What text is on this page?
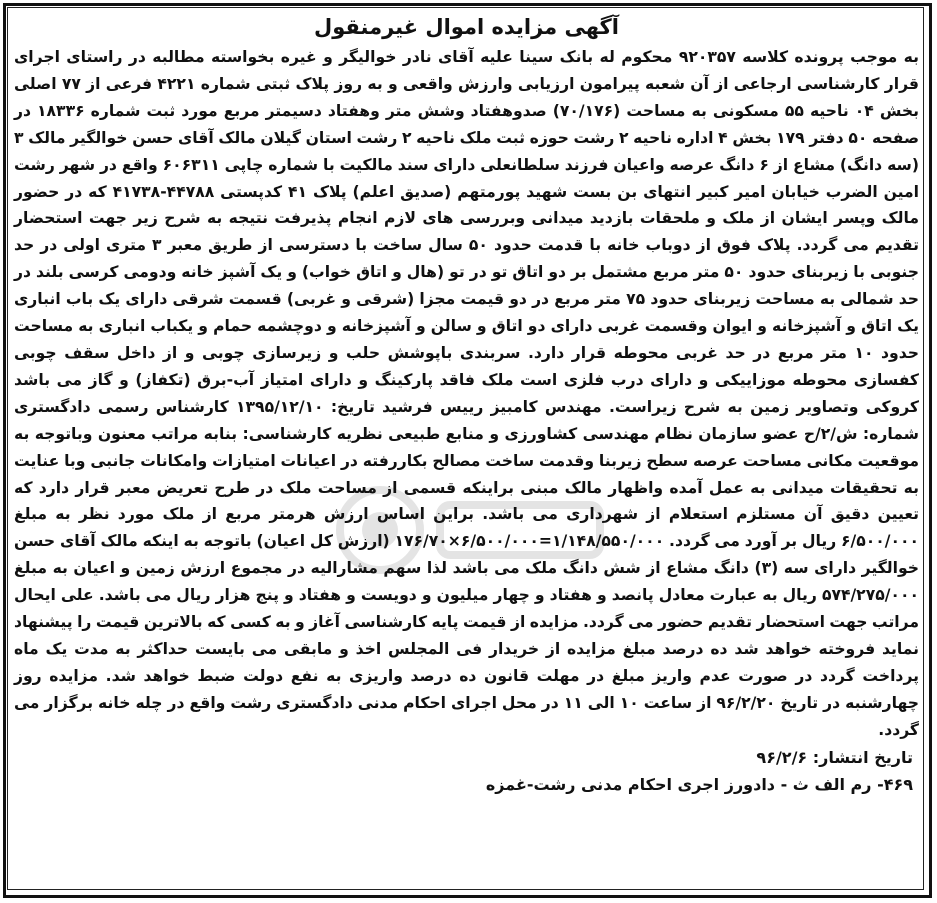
آگهی مزایده اموال غیرمنقول

به موجب پرونده کلاسه ۹۲۰۳۵۷ محکوم له بانک سینا علیه آقای نادر خوالیگر و غیره بخواسته مطالبه در راستای اجرای قرار کارشناسی ارجاعی از آن شعبه پیرامون ارزیابی وارزش واقعی و به روز پلاک ثبتی شماره ۴۲۲۱ فرعی از ۷۷ اصلی بخش ۰۴ ناحیه ۵۵ مسکونی به مساحت (۷۰/۱۷۶) صدوهفتاد وشش متر وهفتاد دسیمتر مربع مورد ثبت شماره ۱۸۳۳۶ در صفحه ۵۰ دفتر ۱۷۹ بخش ۴ اداره ناحیه ۲ رشت حوزه ثبت ملک ناحیه ۲ رشت استان گیلان مالک آقای حسن خوالگیر مالک ۳ (سه دانگ) مشاع از ۶ دانگ عرصه واعیان فرزند سلطانعلی دارای سند مالکیت با شماره چاپی ۶۰۶۳۱۱ واقع در شهر رشت امین الضرب خیابان امیر کبیر انتهای بن بست شهید پورمتهم (صدیق اعلم) پلاک ۴۱ کدپستی ۴۴۷۸۸-۴۱۷۳۸ که در حضور مالک وپسر ایشان از ملک و ملحقات بازدید میدانی وبررسی های لازم انجام پذیرفت نتیجه به شرح زیر جهت استحضار تقدیم می گردد. پلاک فوق از دوباب خانه با قدمت حدود ۵۰ سال ساخت با دسترسی از طریق معبر ۳ متری اولی در حد جنوبی با زیربنای حدود ۵۰ متر مربع مشتمل بر دو اتاق تو در تو (هال و اتاق خواب) و یک آشپز خانه ودومی کرسی بلند در حد شمالی به مساحت زیربنای حدود ۷۵ متر مربع در دو قیمت مجزا (شرقی و غربی) قسمت شرقی دارای یک باب انباری یک اتاق و آشپزخانه و ایوان وقسمت غربی دارای دو اتاق و سالن و آشپزخانه و دوچشمه حمام و یکباب انباری به مساحت حدود ۱۰ متر مربع در حد غربی محوطه قرار دارد. سربندی باپوشش حلب و زیرسازی چوبی و از داخل سقف چوبی کفسازی محوطه موزاییکی و دارای درب فلزی است ملک فاقد پارکینگ و دارای امتیاز آب-برق (تکفاز) و گاز می باشد کروکی وتصاویر زمین به شرح زیراست. مهندس کامبیز رییس فرشید تاریخ: ۱۳۹۵/۱۲/۱۰ کارشناس رسمی دادگستری شماره: ش/۲/ح عضو سازمان نظام مهندسی کشاورزی و منابع طبیعی نظریه کارشناسی: بنابه مراتب معنون وباتوجه به موقعیت مکانی مساحت عرصه سطح زیربنا وقدمت ساخت مصالح بکاررفته در اعیانات امتیازات وامکانات جانبی وبا عنایت به تحقیقات میدانی به عمل آمده واظهار مالک مبنی براینکه قسمی از مساحت ملک در طرح تعریض معبر قرار دارد که تعیین دقیق آن مستلزم استعلام از شهرداری می باشد. براین اساس ارزش هرمتر مربع از ملک مورد نظر به مبلغ ۶/۵۰۰/۰۰۰ ریال بر آورد می گردد. ۱/۱۴۸/۵۵۰/۰۰۰=۶/۵۰۰/۰۰۰×۱۷۶/۷۰ (ارزش کل اعیان) باتوجه به اینکه مالک آقای حسن خوالگیر دارای سه (۳) دانگ مشاع از شش دانگ ملک می باشد لذا سهم مشارالیه در مجموع ارزش زمین و اعیان به مبلغ ۵۷۴/۲۷۵/۰۰۰ ریال به عبارت معادل پانصد و هفتاد و چهار میلیون و دویست و هفتاد و پنج هزار ریال می باشد. علی ایحال مراتب جهت استحضار تقدیم حضور می گردد. مزایده از قیمت پایه کارشناسی آغاز و به کسی که بالاترین قیمت را پیشنهاد نماید فروخته خواهد شد ده درصد مبلغ مزایده از خریدار فی المجلس اخذ و مابقی می بایست حداکثر به مدت یک ماه پرداخت گردد در صورت عدم واریز مبلغ در مهلت قانون ده درصد واریزی به نفع دولت ضبط خواهد شد. مزایده روز چهارشنبه در تاریخ ۹۶/۲/۲۰ از ساعت ۱۰ الی ۱۱ در محل اجرای احکام مدنی دادگستری رشت واقع در چله خانه برگزار می گردد.

تاریخ انتشار: ۹۶/۲/۶

۴۶۹- رم الف ث - دادورز اجری احکام مدنی رشت-غمزه
